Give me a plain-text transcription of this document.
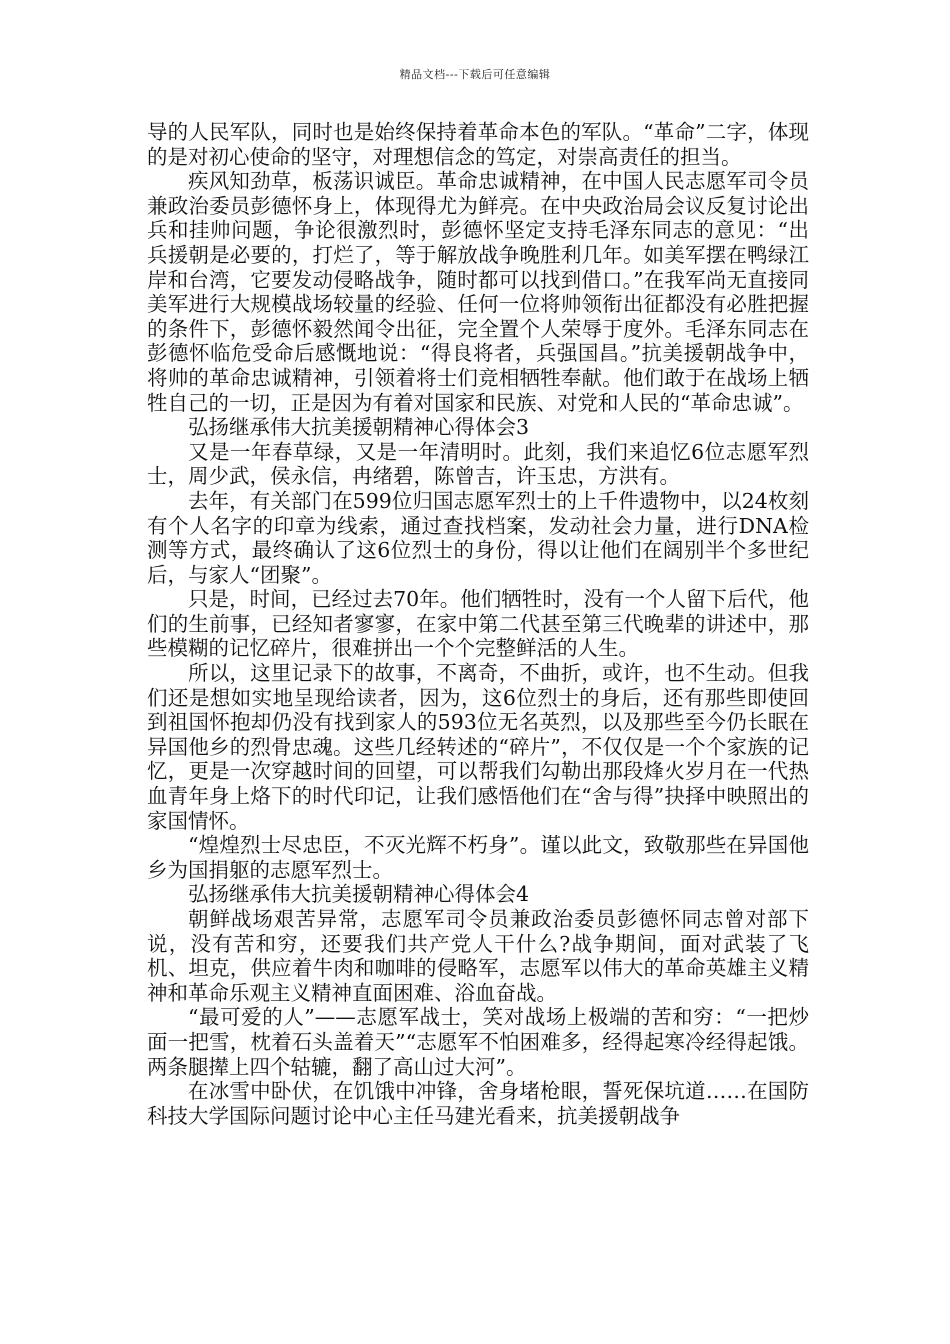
精品文档---下载后可任意编辑

导的人民军队，同时也是始终保持着革命本色的军队。“革命”二字，体现的是对初心使命的坚守，对理想信念的笃定，对崇高责任的担当。

疾风知劲草，板荡识诚臣。革命忠诚精神，在中国人民志愿军司令员兼政治委员彭德怀身上，体现得尤为鲜亮。在中央政治局会议反复讨论出兵和挂帅问题，争论很激烈时，彭德怀坚定支持毛泽东同志的意见：“出兵援朝是必要的，打烂了，等于解放战争晚胜利几年。如美军摆在鸭绿江岸和台湾，它要发动侵略战争，随时都可以找到借口。”在我军尚无直接同美军进行大规模战场较量的经验、任何一位将帅领衔出征都没有必胜把握的条件下，彭德怀毅然闻令出征，完全置个人荣辱于度外。毛泽东同志在彭德怀临危受命后感慨地说：“得良将者，兵强国昌。”抗美援朝战争中，将帅的革命忠诚精神，引领着将士们竞相牺牲奉献。他们敢于在战场上牺牲自己的一切，正是因为有着对国家和民族、对党和人民的“革命忠诚”。

弘扬继承伟大抗美援朝精神心得体会3

又是一年春草绿，又是一年清明时。此刻，我们来追忆6位志愿军烈士，周少武，侯永信，冉绪碧，陈曾吉，许玉忠，方洪有。

去年，有关部门在599位归国志愿军烈士的上千件遗物中，以24枚刻有个人名字的印章为线索，通过查找档案，发动社会力量，进行DNA检测等方式，最终确认了这6位烈士的身份，得以让他们在阔别半个多世纪后，与家人“团聚”。

只是，时间，已经过去70年。他们牺牲时，没有一个人留下后代，他们的生前事，已经知者寥寥，在家中第二代甚至第三代晚辈的讲述中，那些模糊的记忆碎片，很难拼出一个个完整鲜活的人生。

所以，这里记录下的故事，不离奇，不曲折，或许，也不生动。但我们还是想如实地呈现给读者，因为，这6位烈士的身后，还有那些即使回到祖国怀抱却仍没有找到家人的593位无名英烈，以及那些至今仍长眠在异国他乡的烈骨忠魂。这些几经转述的“碎片”，不仅仅是一个个家族的记忆，更是一次穿越时间的回望，可以帮我们勾勒出那段烽火岁月在一代热血青年身上烙下的时代印记，让我们感悟他们在“舍与得”抉择中映照出的家国情怀。

“煌煌烈士尽忠臣，不灭光辉不朽身”。谨以此文，致敬那些在异国他乡为国捐躯的志愿军烈士。

弘扬继承伟大抗美援朝精神心得体会4

朝鲜战场艰苦异常，志愿军司令员兼政治委员彭德怀同志曾对部下说，没有苦和穷，还要我们共产党人干什么?战争期间，面对武装了飞机、坦克，供应着牛肉和咖啡的侵略军，志愿军以伟大的革命英雄主义精神和革命乐观主义精神直面困难、浴血奋战。

“最可爱的人”——志愿军战士，笑对战场上极端的苦和穷：“一把炒面一把雪，枕着石头盖着天”“志愿军不怕困难多，经得起寒冷经得起饿。两条腿撵上四个轱辘，翻了高山过大河”。

在冰雪中卧伏，在饥饿中冲锋，舍身堵枪眼，誓死保坑道……在国防科技大学国际问题讨论中心主任马建光看来，抗美援朝战争
